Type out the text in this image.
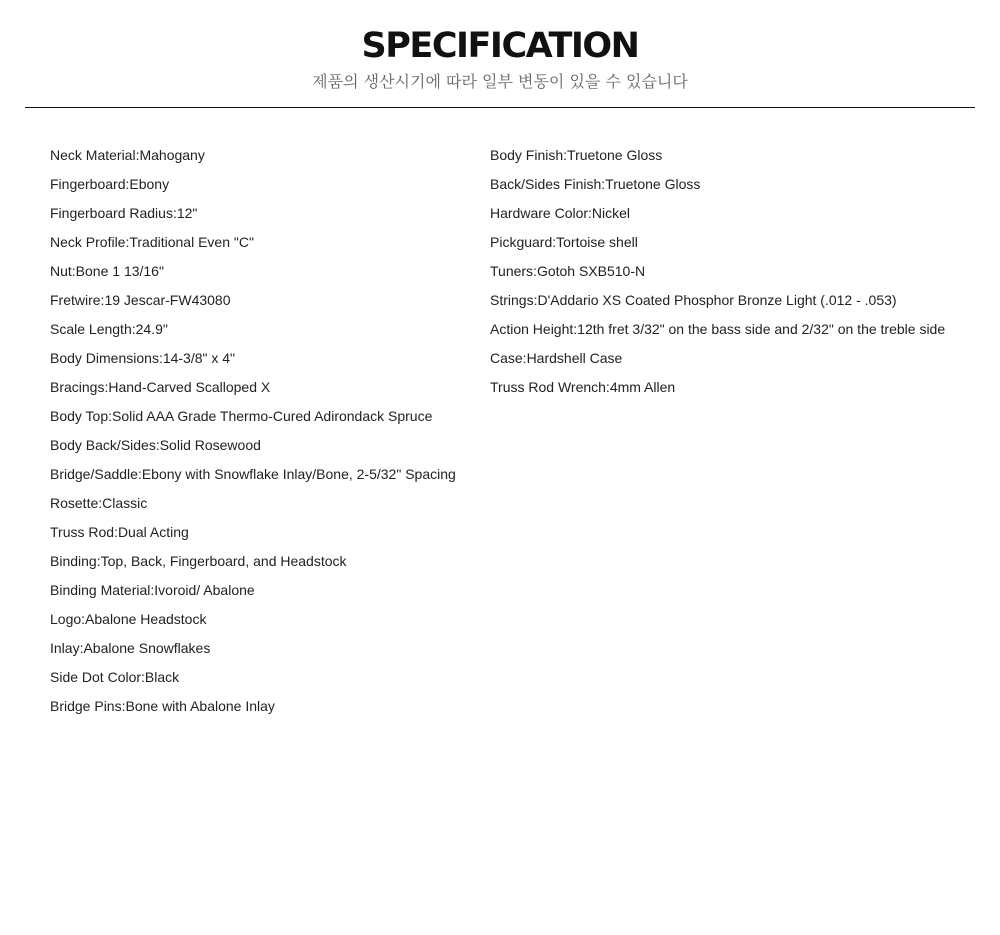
SPECIFICATION
제품의 생산시기에 따라 일부 변동이 있을 수 있습니다
Neck Material:Mahogany
Fingerboard:Ebony
Fingerboard Radius:12"
Neck Profile:Traditional Even "C"
Nut:Bone 1 13/16"
Fretwire:19 Jescar-FW43080
Scale Length:24.9"
Body Dimensions:14-3/8" x 4"
Bracings:Hand-Carved Scalloped X
Body Top:Solid AAA Grade Thermo-Cured Adirondack Spruce
Body Back/Sides:Solid Rosewood
Bridge/Saddle:Ebony with Snowflake Inlay/Bone, 2-5/32" Spacing
Rosette:Classic
Truss Rod:Dual Acting
Binding:Top, Back, Fingerboard, and Headstock
Binding Material:Ivoroid/ Abalone
Logo:Abalone Headstock
Inlay:Abalone Snowflakes
Side Dot Color:Black
Bridge Pins:Bone with Abalone Inlay
Body Finish:Truetone Gloss
Back/Sides Finish:Truetone Gloss
Hardware Color:Nickel
Pickguard:Tortoise shell
Tuners:Gotoh SXB510-N
Strings:D'Addario XS Coated Phosphor Bronze Light (.012 - .053)
Action Height:12th fret 3/32" on the bass side and 2/32" on the treble side
Case:Hardshell Case
Truss Rod Wrench:4mm Allen
